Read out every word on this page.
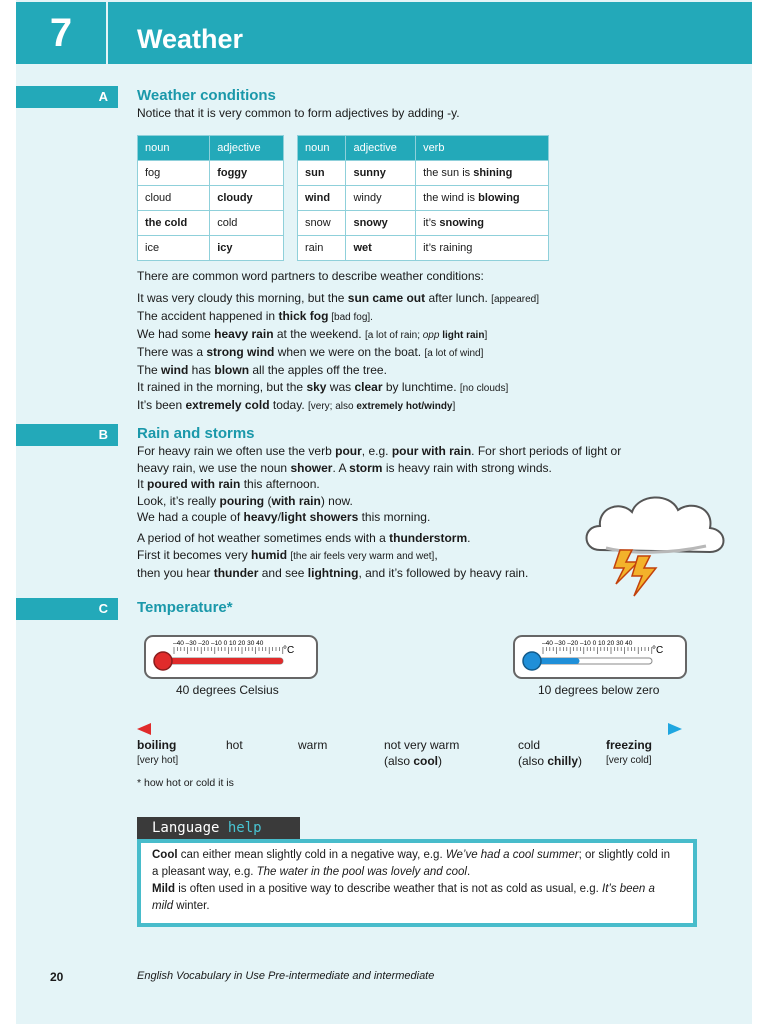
7	Weather
A	Weather conditions
Notice that it is very common to form adjectives by adding -y.
noun	adjective
fog	foggy
cloud	cloudy
the cold	cold
ice	icy
noun	adjective	verb
sun	sunny	the sun is shining
wind	windy	the wind is blowing
snow	snowy	it’s snowing
rain	wet	it’s raining
There are common word partners to describe weather conditions:
It was very cloudy this morning, but the sun came out after lunch. [appeared]
The accident happened in thick fog [bad fog].
We had some heavy rain at the weekend. [a lot of rain; opp light rain]
There was a strong wind when we were on the boat. [a lot of wind]
The wind has blown all the apples off the tree.
It rained in the morning, but the sky was clear by lunchtime. [no clouds]
It’s been extremely cold today. [very; also extremely hot/windy]
B	Rain and storms
For heavy rain we often use the verb pour, e.g. pour with rain. For short periods of light or
heavy rain, we use the noun shower. A storm is heavy rain with strong winds.
It poured with rain this afternoon.
Look, it’s really pouring (with rain) now.
We had a couple of heavy/light showers this morning.
A period of hot weather sometimes ends with a thunderstorm.
First it becomes very humid [the air feels very warm and wet],
then you hear thunder and see lightning, and it’s followed by heavy rain.
C	Temperature*
–40 –30 –20 –10 0 10 20 30 40
°C
40 degrees Celsius
–40 –30 –20 –10 0 10 20 30 40
°C
10 degrees below zero
boiling
[very hot]
hot	warm	not very warm
(also cool)
cold
(also chilly)
freezing
[very cold]
* how hot or cold it is
Language help
Cool can either mean slightly cold in a negative way, e.g. We’ve had a cool summer; or slightly cold in
a pleasant way, e.g. The water in the pool was lovely and cool.
Mild is often used in a positive way to describe weather that is not as cold as usual, e.g. It’s been a
mild winter.
20	English Vocabulary in Use Pre-intermediate and intermediate
